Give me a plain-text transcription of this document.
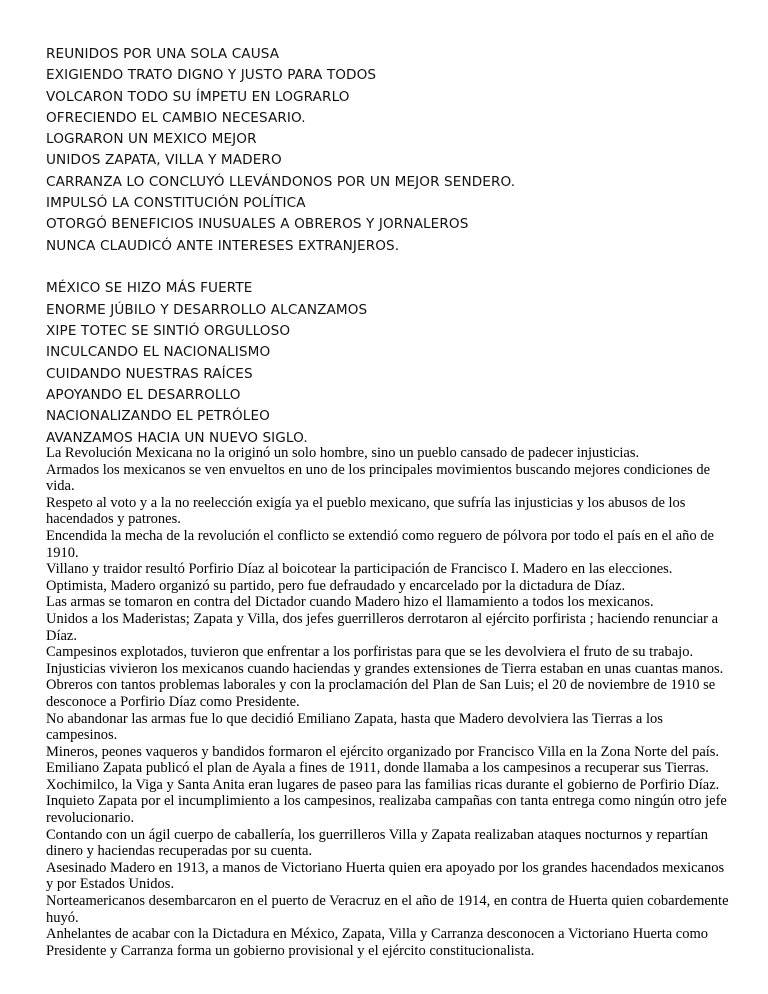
REUNIDOS POR UNA SOLA CAUSA
EXIGIENDO TRATO DIGNO Y JUSTO PARA TODOS
VOLCARON TODO SU ÍMPETU EN LOGRARLO
OFRECIENDO EL CAMBIO NECESARIO.
LOGRARON UN MEXICO MEJOR
UNIDOS ZAPATA, VILLA Y MADERO
CARRANZA LO CONCLUYÓ LLEVÁNDONOS POR UN MEJOR SENDERO.
IMPULSÓ LA CONSTITUCIÓN POLÍTICA
OTORGÓ BENEFICIOS INUSUALES A OBREROS Y JORNALEROS
NUNCA CLAUDICÓ ANTE INTERESES EXTRANJEROS.
MÉXICO SE HIZO MÁS FUERTE
ENORME JÚBILO Y DESARROLLO ALCANZAMOS
XIPE TOTEC SE SINTIÓ ORGULLOSO
INCULCANDO EL NACIONALISMO
CUIDANDO NUESTRAS RAÍCES
APOYANDO EL DESARROLLO
NACIONALIZANDO EL PETRÓLEO
AVANZAMOS HACIA UN NUEVO SIGLO.

La Revolución Mexicana no la originó un solo hombre, sino un pueblo cansado de padecer injusticias.

Armados los mexicanos se ven envueltos en uno de los principales movimientos buscando mejores condiciones de vida.

Respeto al voto y a la no reelección exigía ya el pueblo mexicano, que sufría las injusticias y los abusos de los hacendados y patrones.

Encendida la mecha de la revolución el conflicto se extendió como reguero de pólvora por todo el país en el año de 1910.

Villano y traidor resultó Porfirio Díaz al boicotear la participación de Francisco I. Madero en las elecciones.

Optimista, Madero organizó su partido, pero fue defraudado y encarcelado por la dictadura de Díaz.

Las armas se tomaron en contra del Dictador cuando Madero hizo el llamamiento a todos los mexicanos.

Unidos a los Maderistas; Zapata y Villa, dos jefes guerrilleros derrotaron al ejército porfirista ; haciendo renunciar a Díaz.

Campesinos explotados, tuvieron que enfrentar a los porfiristas para que se les devolviera el fruto de su trabajo.

Injusticias vivieron los mexicanos cuando haciendas y grandes extensiones de Tierra estaban en unas cuantas manos.

Obreros con tantos problemas laborales y con la proclamación del Plan de San Luis; el 20 de noviembre de 1910 se desconoce a Porfirio Díaz como Presidente.

No abandonar las armas fue lo que decidió Emiliano Zapata, hasta que Madero devolviera las Tierras a los campesinos.

Mineros, peones vaqueros y bandidos formaron el ejército organizado por Francisco Villa en la Zona Norte del país.

Emiliano Zapata publicó el plan de Ayala a fines de 1911, donde llamaba a los campesinos a recuperar sus Tierras.

Xochimilco, la Viga y Santa Anita eran lugares de paseo para las familias ricas durante el gobierno de Porfirio Díaz.

Inquieto Zapata por el incumplimiento a los campesinos, realizaba campañas con tanta entrega como ningún otro jefe revolucionario.

Contando con un ágil cuerpo de caballería, los guerrilleros Villa y Zapata realizaban ataques nocturnos y repartían dinero y haciendas recuperadas por su cuenta.

Asesinado Madero en 1913, a manos de Victoriano Huerta quien era apoyado por los grandes hacendados mexicanos y por Estados Unidos.

Norteamericanos desembarcaron en el puerto de Veracruz en el año de 1914, en contra de Huerta quien cobardemente huyó.

Anhelantes de acabar con la Dictadura en México, Zapata, Villa y Carranza desconocen a Victoriano Huerta como Presidente y Carranza forma un gobierno provisional y el ejército constitucionalista.
